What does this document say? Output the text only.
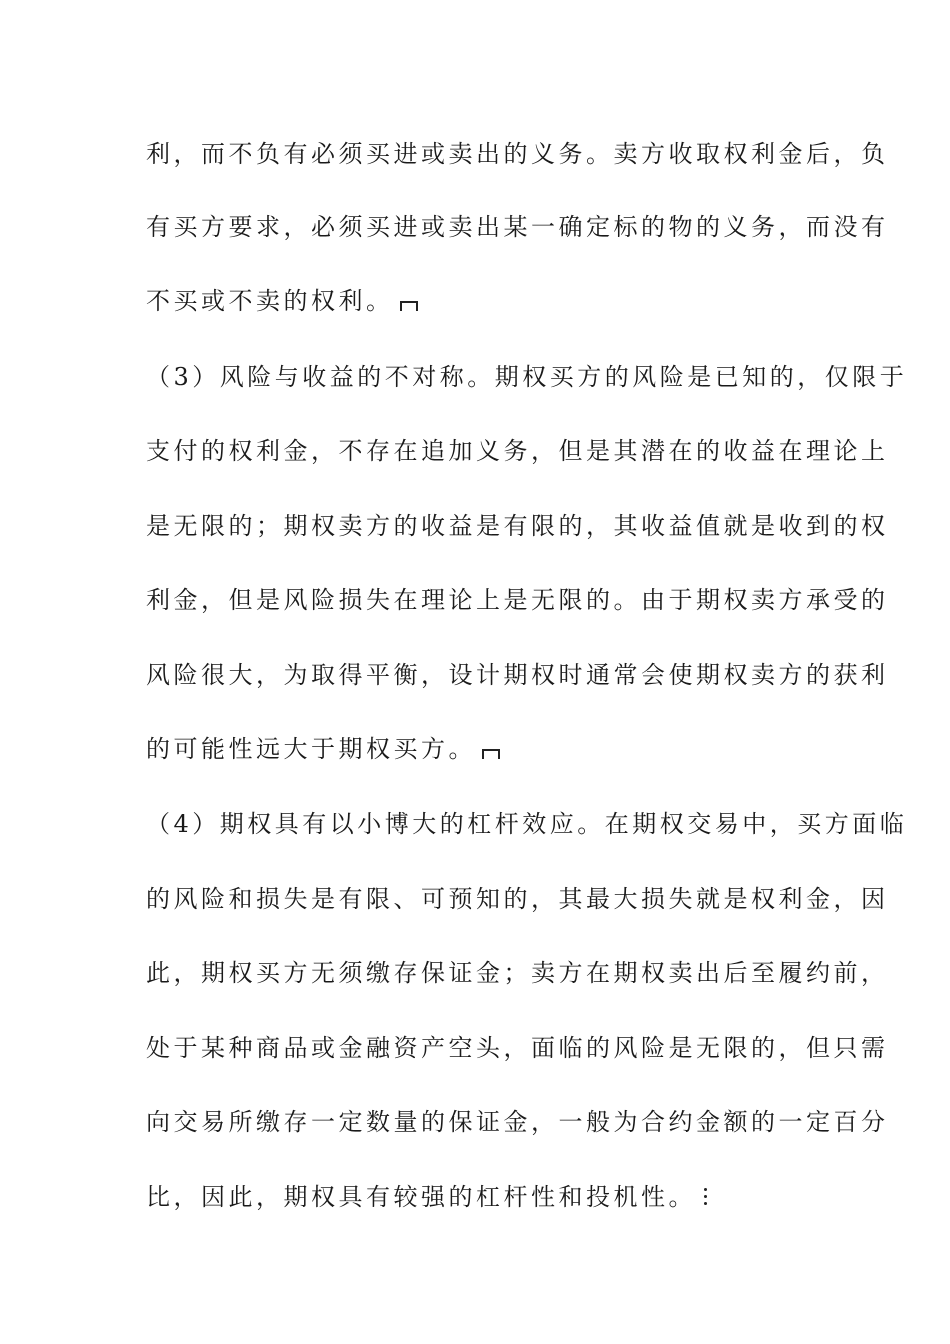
利，而不负有必须买进或卖出的义务。卖方收取权利金后，负
有买方要求，必须买进或卖出某一确定标的物的义务，而没有
不买或不卖的权利。
（3）风险与收益的不对称。期权买方的风险是已知的，仅限于
支付的权利金，不存在追加义务，但是其潜在的收益在理论上
是无限的；期权卖方的收益是有限的，其收益值就是收到的权
利金，但是风险损失在理论上是无限的。由于期权卖方承受的
风险很大，为取得平衡，设计期权时通常会使期权卖方的获利
的可能性远大于期权买方。
（4）期权具有以小博大的杠杆效应。在期权交易中，买方面临
的风险和损失是有限、可预知的，其最大损失就是权利金，因
此，期权买方无须缴存保证金；卖方在期权卖出后至履约前，
处于某种商品或金融资产空头，面临的风险是无限的，但只需
向交易所缴存一定数量的保证金，一般为合约金额的一定百分
比，因此，期权具有较强的杠杆性和投机性。
